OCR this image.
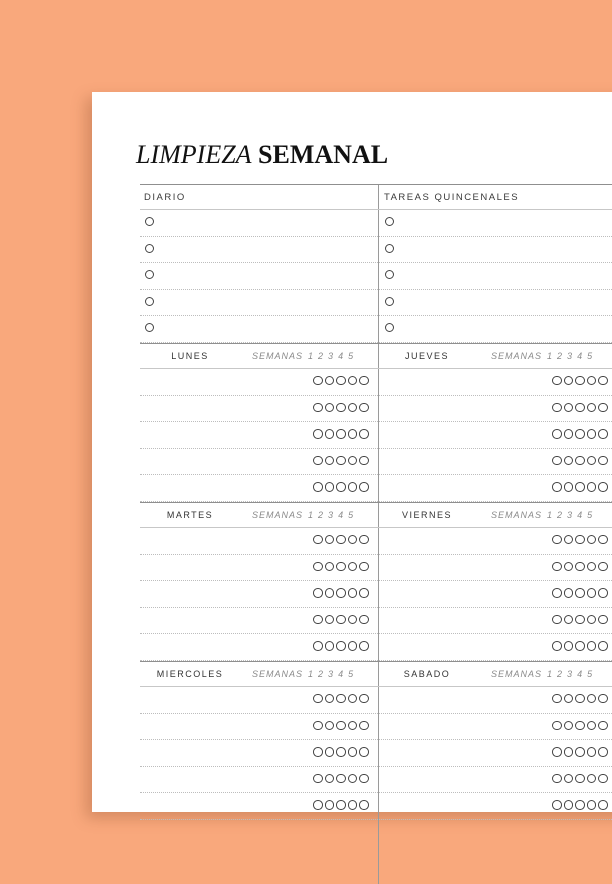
LIMPIEZA SEMANAL
DIARIO	TAREAS QUINCENALES
LUNES	SEMANAS 1 2 3 4 5	JUEVES	SEMANAS 1 2 3 4 5
MARTES	SEMANAS 1 2 3 4 5	VIERNES	SEMANAS 1 2 3 4 5
MIERCOLES	SEMANAS 1 2 3 4 5	SABADO	SEMANAS 1 2 3 4 5
